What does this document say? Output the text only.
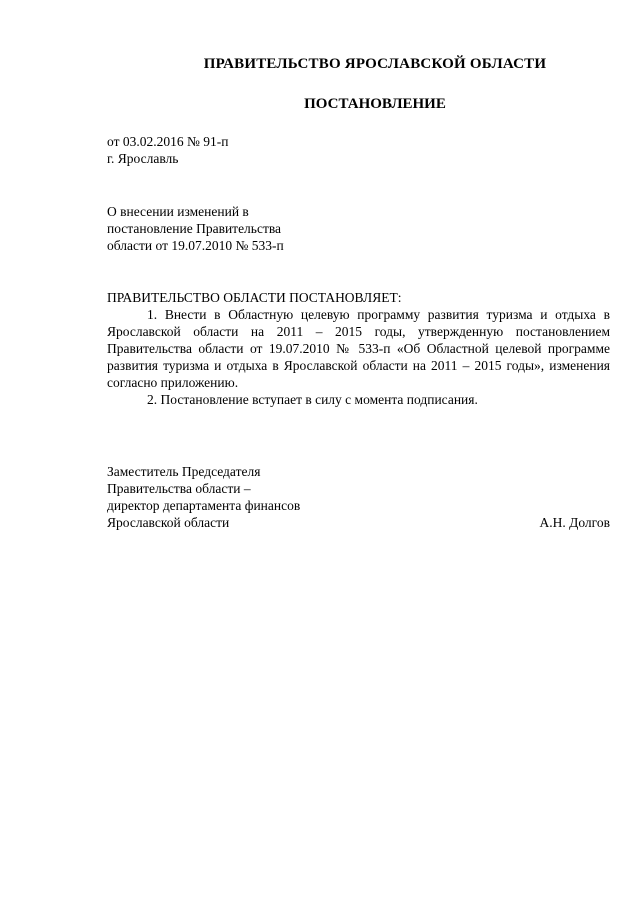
ПРАВИТЕЛЬСТВО ЯРОСЛАВСКОЙ ОБЛАСТИ
ПОСТАНОВЛЕНИЕ
от 03.02.2016 № 91-п
г. Ярославль
О внесении изменений в
постановление Правительства
области от 19.07.2010 № 533-п
ПРАВИТЕЛЬСТВО ОБЛАСТИ ПОСТАНОВЛЯЕТ:

1. Внести в Областную целевую программу развития туризма и отдыха в Ярославской области на 2011 – 2015 годы, утвержденную постановлением Правительства области от 19.07.2010 № 533-п «Об Областной целевой программе развития туризма и отдыха в Ярославской области на 2011 – 2015 годы», изменения согласно приложению.

2. Постановление вступает в силу с момента подписания.

Заместитель Председателя
Правительства области –
директор департамента финансов
Ярославской области	А.Н. Долгов
